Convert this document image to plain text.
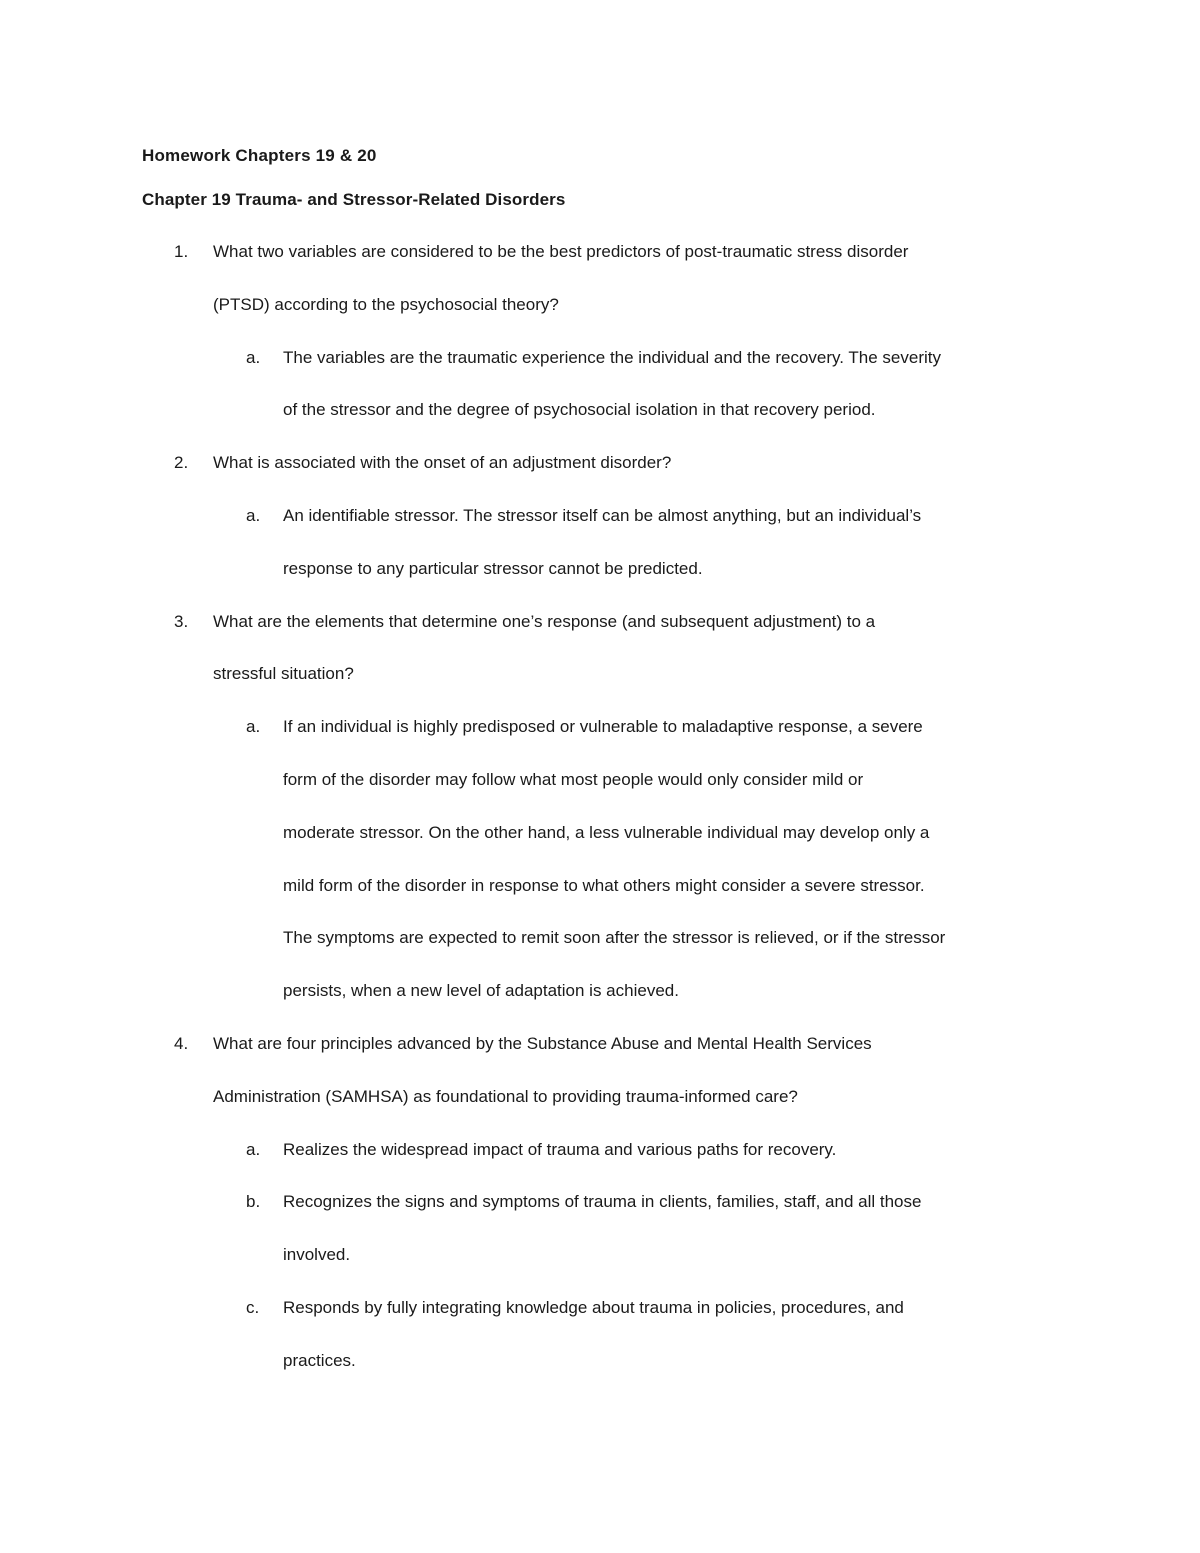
Homework Chapters 19 & 20
Chapter 19 Trauma- and Stressor-Related Disorders
1. What two variables are considered to be the best predictors of post-traumatic stress disorder
(PTSD) according to the psychosocial theory?
a. The variables are the traumatic experience the individual and the recovery. The severity
of the stressor and the degree of psychosocial isolation in that recovery period.
2. What is associated with the onset of an adjustment disorder?
a. An identifiable stressor. The stressor itself can be almost anything, but an individual’s
response to any particular stressor cannot be predicted.
3. What are the elements that determine one’s response (and subsequent adjustment) to a
stressful situation?
a. If an individual is highly predisposed or vulnerable to maladaptive response, a severe
form of the disorder may follow what most people would only consider mild or
moderate stressor. On the other hand, a less vulnerable individual may develop only a
mild form of the disorder in response to what others might consider a severe stressor.
The symptoms are expected to remit soon after the stressor is relieved, or if the stressor
persists, when a new level of adaptation is achieved.
4. What are four principles advanced by the Substance Abuse and Mental Health Services
Administration (SAMHSA) as foundational to providing trauma-informed care?
a. Realizes the widespread impact of trauma and various paths for recovery.
b. Recognizes the signs and symptoms of trauma in clients, families, staff, and all those
involved.
c. Responds by fully integrating knowledge about trauma in policies, procedures, and
practices.
